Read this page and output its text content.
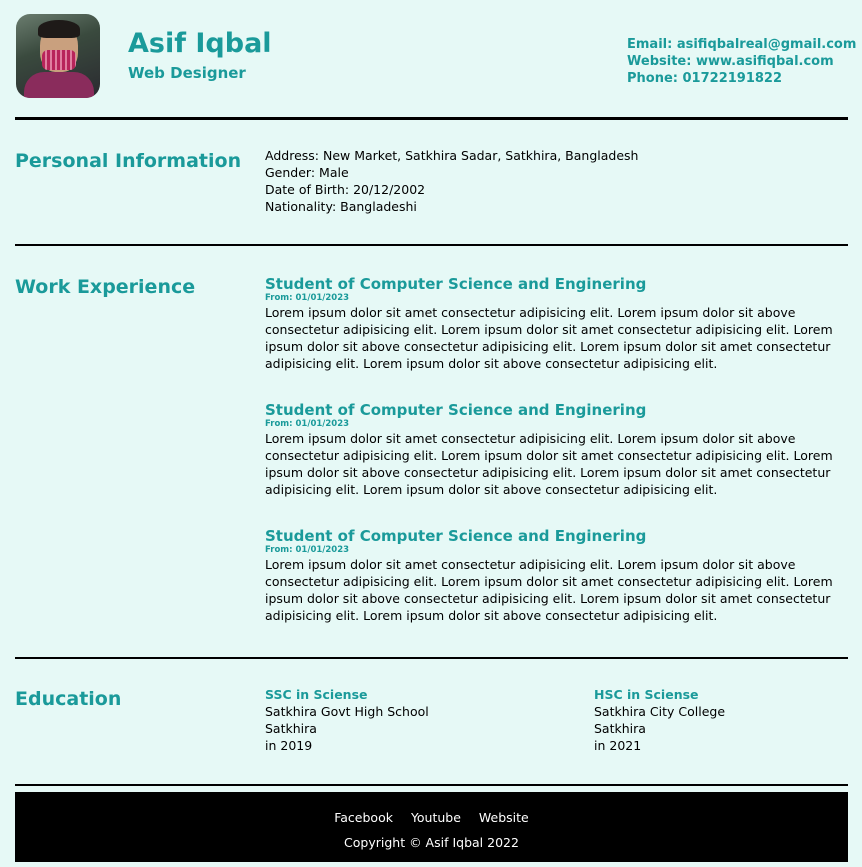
Asif Iqbal
Web Designer
Email: asifiqbalreal@gmail.com
Website: www.asifiqbal.com
Phone: 01722191822
Personal Information Address: New Market, Satkhira Sadar, Satkhira, Bangladesh
Gender: Male
Date of Birth: 20/12/2002
Nationality: Bangladeshi
Work Experience	Student of Computer Science and Enginering
From: 01/01/2023
Lorem ipsum dolor sit amet consectetur adipisicing elit. Lorem ipsum dolor sit above consectetur adipisicing elit. Lorem ipsum dolor sit amet consectetur adipisicing elit. Lorem ipsum dolor sit above consectetur adipisicing elit. Lorem ipsum dolor sit amet consectetur adipisicing elit. Lorem ipsum dolor sit above consectetur adipisicing elit.
Student of Computer Science and Enginering
From: 01/01/2023
Lorem ipsum dolor sit amet consectetur adipisicing elit. Lorem ipsum dolor sit above consectetur adipisicing elit. Lorem ipsum dolor sit amet consectetur adipisicing elit. Lorem ipsum dolor sit above consectetur adipisicing elit. Lorem ipsum dolor sit amet consectetur adipisicing elit. Lorem ipsum dolor sit above consectetur adipisicing elit.
Student of Computer Science and Enginering
From: 01/01/2023
Lorem ipsum dolor sit amet consectetur adipisicing elit. Lorem ipsum dolor sit above consectetur adipisicing elit. Lorem ipsum dolor sit amet consectetur adipisicing elit. Lorem ipsum dolor sit above consectetur adipisicing elit. Lorem ipsum dolor sit amet consectetur adipisicing elit. Lorem ipsum dolor sit above consectetur adipisicing elit.
Education	SSC in Sciense
Satkhira Govt High School
Satkhira
in 2019
HSC in Sciense
Satkhira City College
Satkhira
in 2021
Facebook Youtube Website
Copyright © Asif Iqbal 2022
